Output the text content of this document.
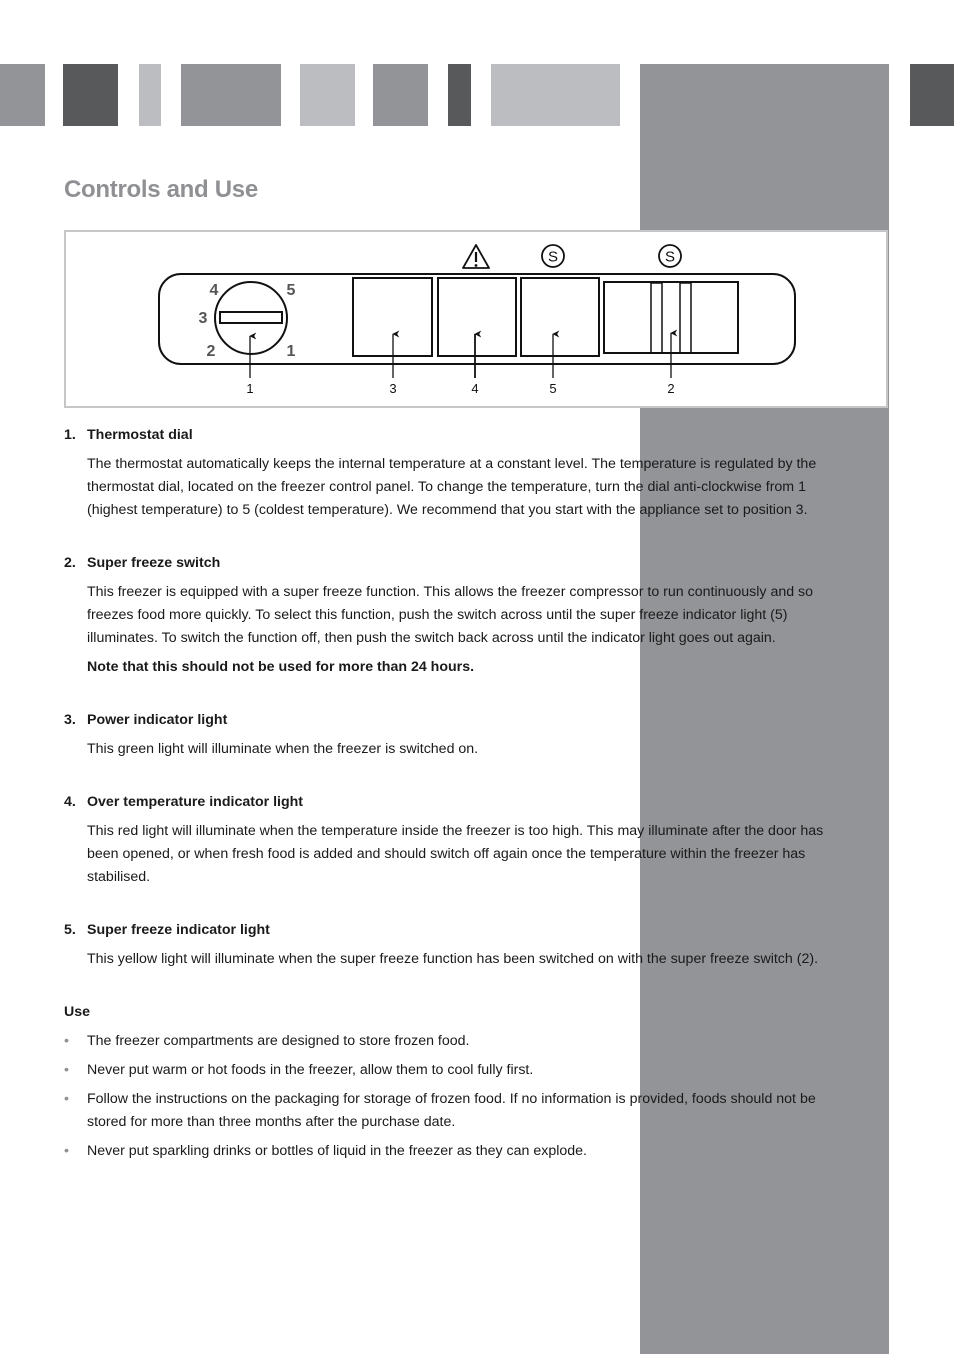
Controls and Use
4	5
3
2	1
S	S
1	3	4	5	2
1. Thermostat dial

The thermostat automatically keeps the internal temperature at a constant level. The temperature is regulated by the thermostat dial, located on the freezer control panel. To change the temperature, turn the dial anti-clockwise from 1 (highest temperature) to 5 (coldest temperature). We recommend that you start with the appliance set to position 3.

2. Super freeze switch

This freezer is equipped with a super freeze function. This allows the freezer compressor to run continuously and so freezes food more quickly. To select this function, push the switch across until the super freeze indicator light (5) illuminates. To switch the function off, then push the switch back across until the indicator light goes out again.

Note that this should not be used for more than 24 hours.

3. Power indicator light

This green light will illuminate when the freezer is switched on.

4. Over temperature indicator light

This red light will illuminate when the temperature inside the freezer is too high. This may illuminate after the door has been opened, or when fresh food is added and should switch off again once the temperature within the freezer has stabilised.

5. Super freeze indicator light

This yellow light will illuminate when the super freeze function has been switched on with the super freeze switch (2).

Use
• The freezer compartments are designed to store frozen food.
• Never put warm or hot foods in the freezer, allow them to cool fully first.
• Follow the instructions on the packaging for storage of frozen food. If no information is provided, foods should not be stored for more than three months after the purchase date.
• Never put sparkling drinks or bottles of liquid in the freezer as they can explode.
